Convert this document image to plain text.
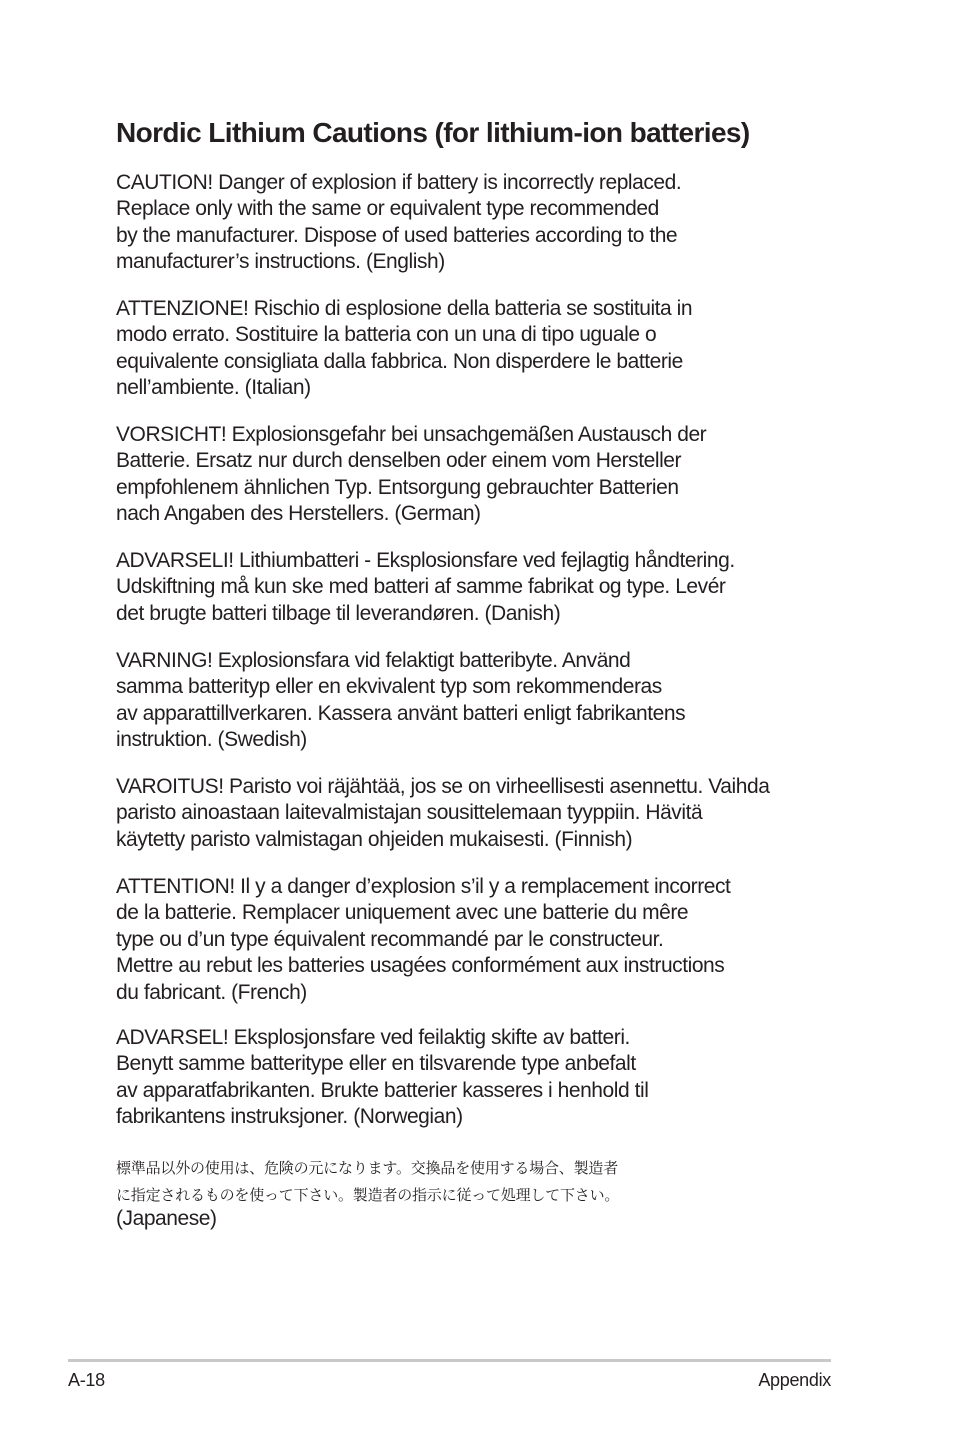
Nordic Lithium Cautions (for lithium-ion batteries)

CAUTION! Danger of explosion if battery is incorrectly replaced.
Replace only with the same or equivalent type recommended
by the manufacturer. Dispose of used batteries according to the
manufacturer’s instructions. (English)

ATTENZIONE! Rischio di esplosione della batteria se sostituita in
modo errato. Sostituire la batteria con un una di tipo uguale o
equivalente consigliata dalla fabbrica. Non disperdere le batterie
nell’ambiente. (Italian)

VORSICHT! Explosionsgefahr bei unsachgemäßen Austausch der
Batterie. Ersatz nur durch denselben oder einem vom Hersteller
empfohlenem ähnlichen Typ. Entsorgung gebrauchter Batterien
nach Angaben des Herstellers. (German)

ADVARSELI! Lithiumbatteri - Eksplosionsfare ved fejlagtig håndtering.
Udskiftning må kun ske med batteri af samme fabrikat og type. Levér
det brugte batteri tilbage til leverandøren. (Danish)

VARNING! Explosionsfara vid felaktigt batteribyte. Använd
samma batterityp eller en ekvivalent typ som rekommenderas
av apparattillverkaren. Kassera använt batteri enligt fabrikantens
instruktion. (Swedish)

VAROITUS! Paristo voi räjähtää, jos se on virheellisesti asennettu. Vaihda
paristo ainoastaan laitevalmistajan sousittelemaan tyyppiin. Hävitä
käytetty paristo valmistagan ohjeiden mukaisesti. (Finnish)

ATTENTION! Il y a danger d’explosion s’il y a remplacement incorrect
de la batterie. Remplacer uniquement avec une batterie du mêre
type ou d’un type équivalent recommandé par le constructeur.
Mettre au rebut les batteries usagées conformément aux instructions
du fabricant. (French)

ADVARSEL! Eksplosjonsfare ved feilaktig skifte av batteri.
Benytt samme batteritype eller en tilsvarende type anbefalt
av apparatfabrikanten. Brukte batterier kasseres i henhold til
fabrikantens instruksjoner. (Norwegian)

標準品以外の使用は、危険の元になります。交換品を使用する場合、製造者
に指定されるものを使って下さい。製造者の指示に従って処理して下さい。

(Japanese)

A-18	Appendix
